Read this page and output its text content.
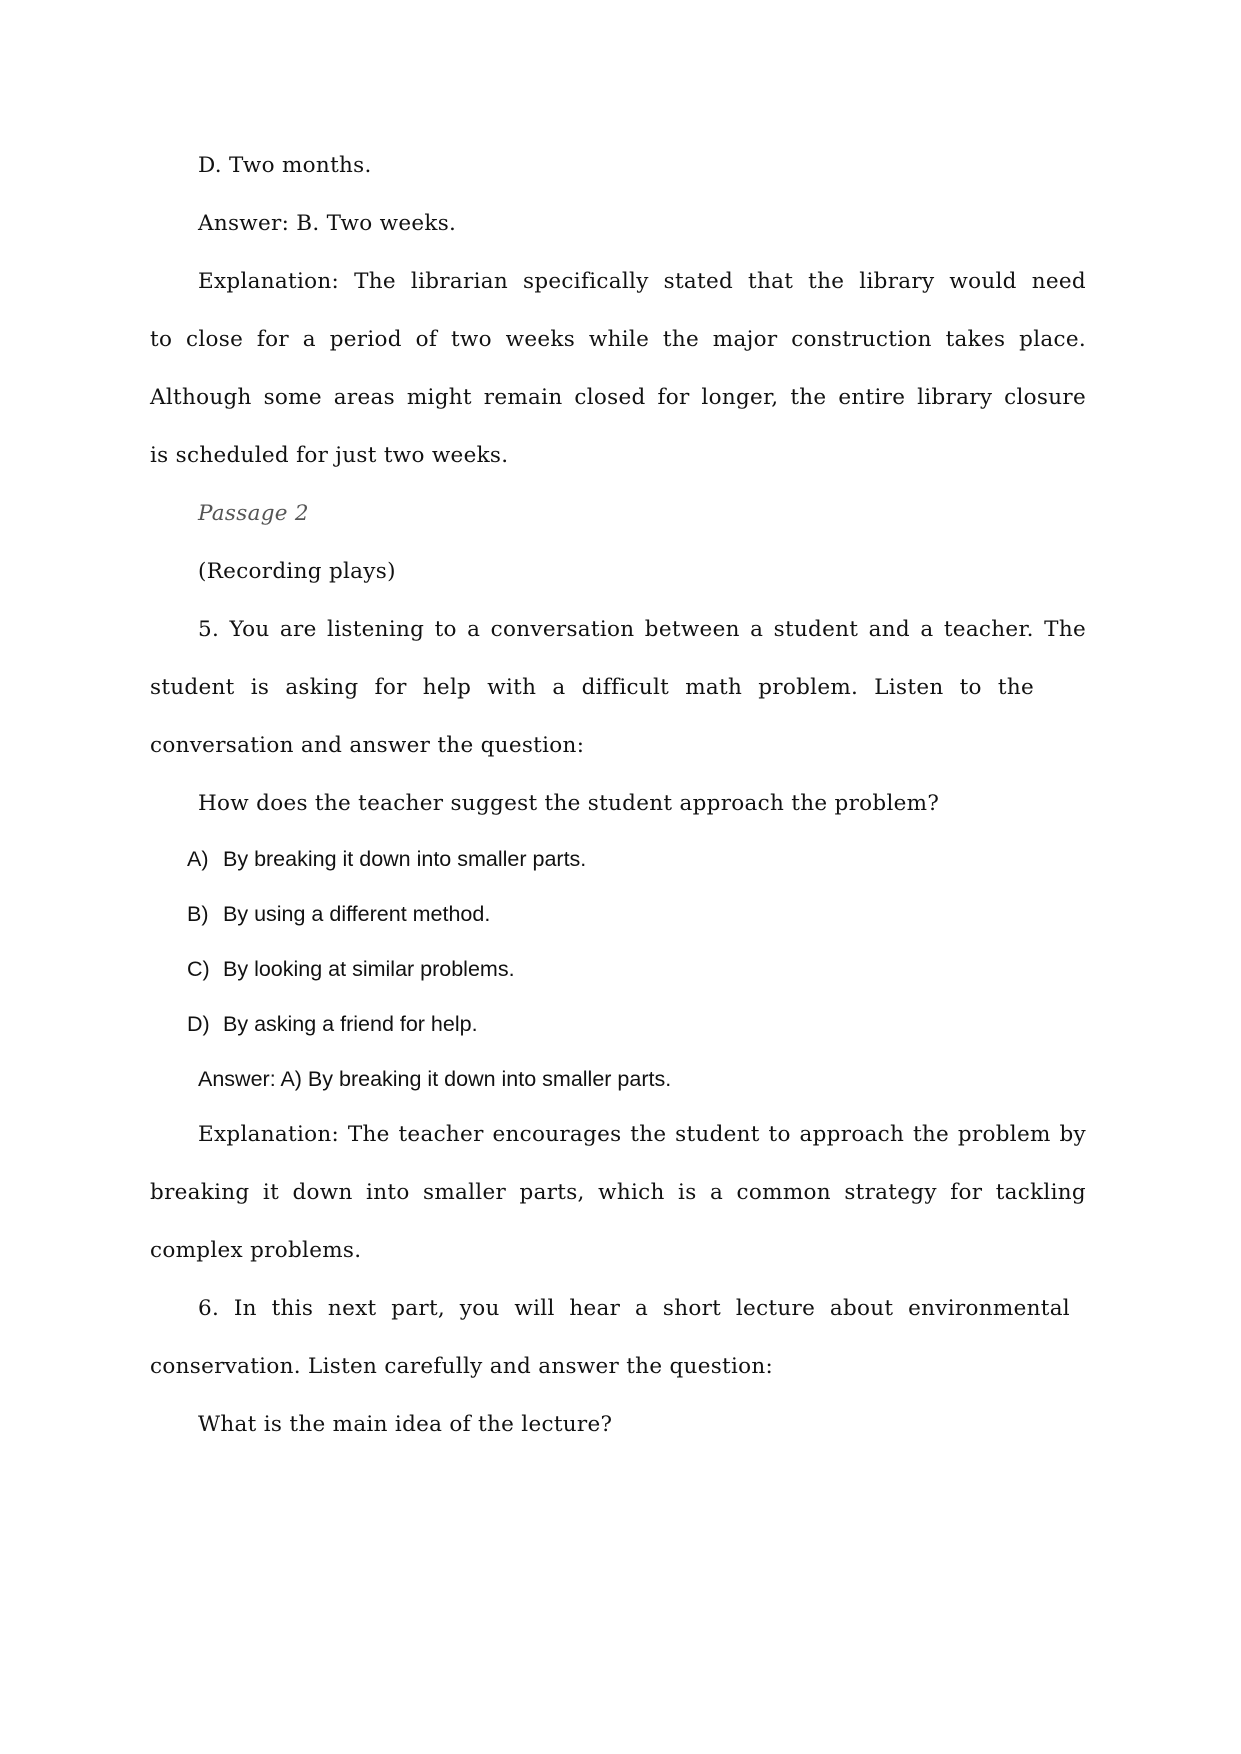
D. Two months.
Answer: B. Two weeks.
Explanation: The librarian specifically stated that the library would need
to close for a period of two weeks while the major construction takes place.
Although some areas might remain closed for longer, the entire library closure
is scheduled for just two weeks.
Passage 2
(Recording plays)
5. You are listening to a conversation between a student and a teacher. The
student is asking for help with a difficult math problem. Listen to the
conversation and answer the question:
How does the teacher suggest the student approach the problem?
A) By breaking it down into smaller parts.
B) By using a different method.
C) By looking at similar problems.
D) By asking a friend for help.
Answer: A) By breaking it down into smaller parts.
Explanation: The teacher encourages the student to approach the problem by
breaking it down into smaller parts, which is a common strategy for tackling
complex problems.
6. In this next part, you will hear a short lecture about environmental
conservation. Listen carefully and answer the question:
What is the main idea of the lecture?
